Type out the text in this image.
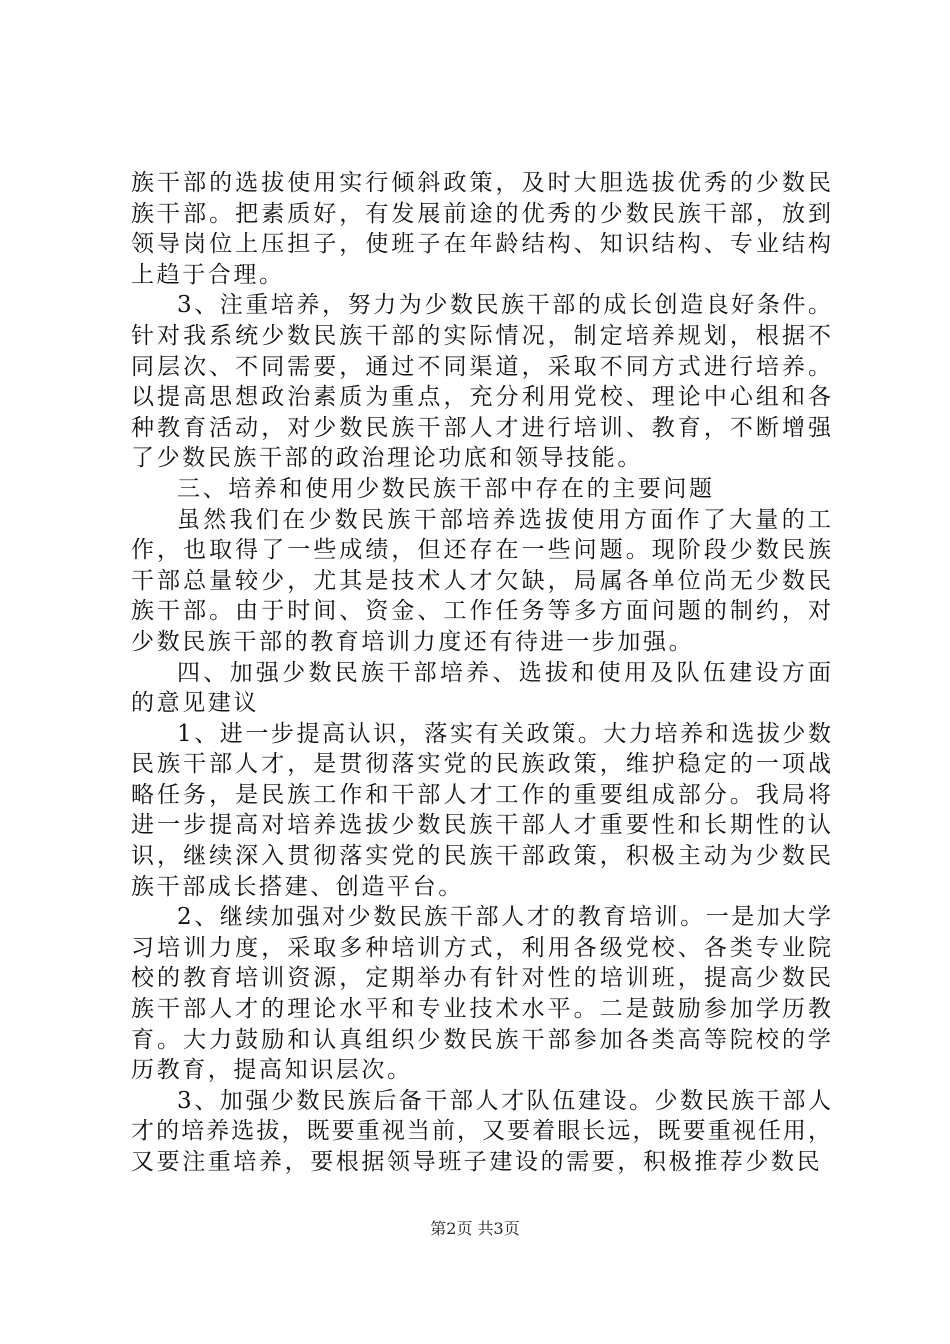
族干部的选拔使用实行倾斜政策，及时大胆选拔优秀的少数民
族干部。把素质好，有发展前途的优秀的少数民族干部，放到
领导岗位上压担子，使班子在年龄结构、知识结构、专业结构
上趋于合理。
3、注重培养，努力为少数民族干部的成长创造良好条件。
针对我系统少数民族干部的实际情况，制定培养规划，根据不
同层次、不同需要，通过不同渠道，采取不同方式进行培养。
以提高思想政治素质为重点，充分利用党校、理论中心组和各
种教育活动，对少数民族干部人才进行培训、教育，不断增强
了少数民族干部的政治理论功底和领导技能。
三、培养和使用少数民族干部中存在的主要问题
虽然我们在少数民族干部培养选拔使用方面作了大量的工
作，也取得了一些成绩，但还存在一些问题。现阶段少数民族
干部总量较少，尤其是技术人才欠缺，局属各单位尚无少数民
族干部。由于时间、资金、工作任务等多方面问题的制约，对
少数民族干部的教育培训力度还有待进一步加强。
四、加强少数民族干部培养、选拔和使用及队伍建设方面
的意见建议
1、进一步提高认识，落实有关政策。大力培养和选拔少数
民族干部人才，是贯彻落实党的民族政策，维护稳定的一项战
略任务，是民族工作和干部人才工作的重要组成部分。我局将
进一步提高对培养选拔少数民族干部人才重要性和长期性的认
识，继续深入贯彻落实党的民族干部政策，积极主动为少数民
族干部成长搭建、创造平台。
2、继续加强对少数民族干部人才的教育培训。一是加大学
习培训力度，采取多种培训方式，利用各级党校、各类专业院
校的教育培训资源，定期举办有针对性的培训班，提高少数民
族干部人才的理论水平和专业技术水平。二是鼓励参加学历教
育。大力鼓励和认真组织少数民族干部参加各类高等院校的学
历教育，提高知识层次。
3、加强少数民族后备干部人才队伍建设。少数民族干部人
才的培养选拔，既要重视当前，又要着眼长远，既要重视任用，
又要注重培养，要根据领导班子建设的需要，积极推荐少数民
第2页 共3页
